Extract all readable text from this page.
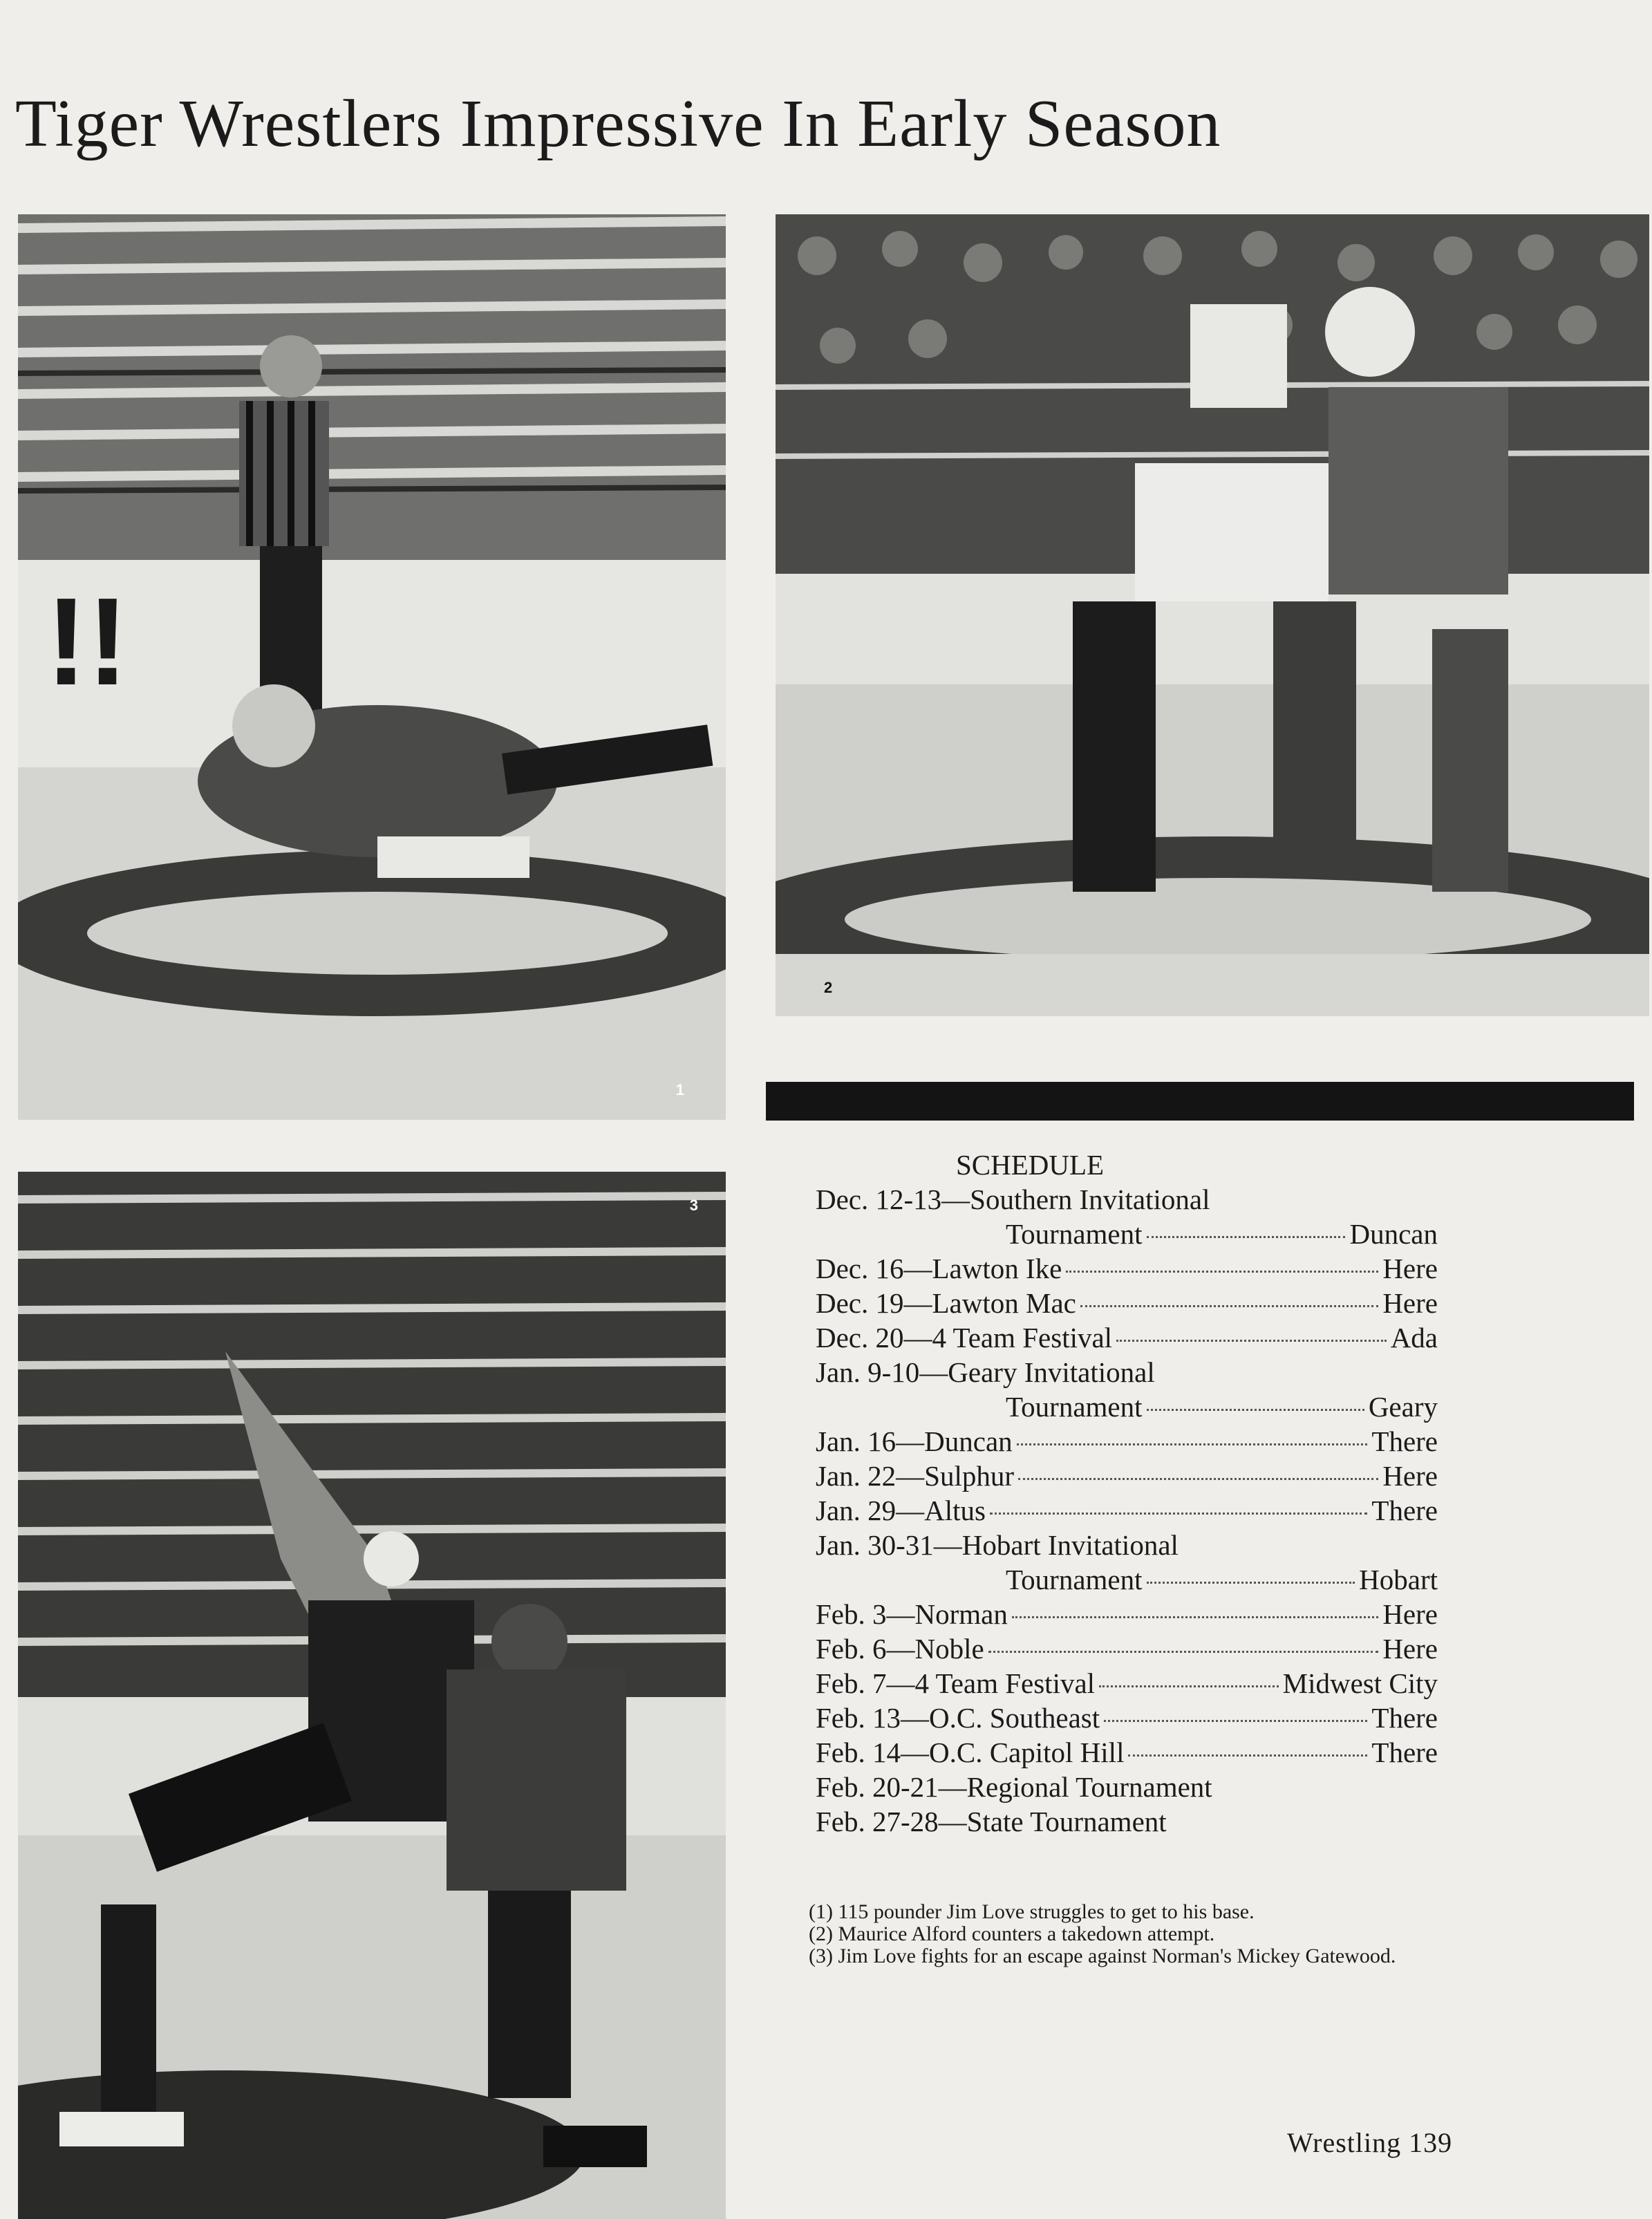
Tiger Wrestlers Impressive In Early Season
!!
1
2
3
SCHEDULE
Dec. 12-13—Southern Invitational
Tournament	Duncan
Dec. 16—Lawton Ike	Here
Dec. 19—Lawton Mac	Here
Dec. 20—4 Team Festival	Ada
Jan. 9-10—Geary Invitational
Tournament	Geary
Jan. 16—Duncan	There
Jan. 22—Sulphur	Here
Jan. 29—Altus	There
Jan. 30-31—Hobart Invitational
Tournament	Hobart
Feb. 3—Norman	Here
Feb. 6—Noble	Here
Feb. 7—4 Team Festival	Midwest City
Feb. 13—O.C. Southeast	There
Feb. 14—O.C. Capitol Hill	There
Feb. 20-21—Regional Tournament
Feb. 27-28—State Tournament

(1) 115 pounder Jim Love struggles to get to his base.

(2) Maurice Alford counters a takedown attempt.

(3) Jim Love fights for an escape against Norman's Mickey Gatewood.

Wrestling 139
